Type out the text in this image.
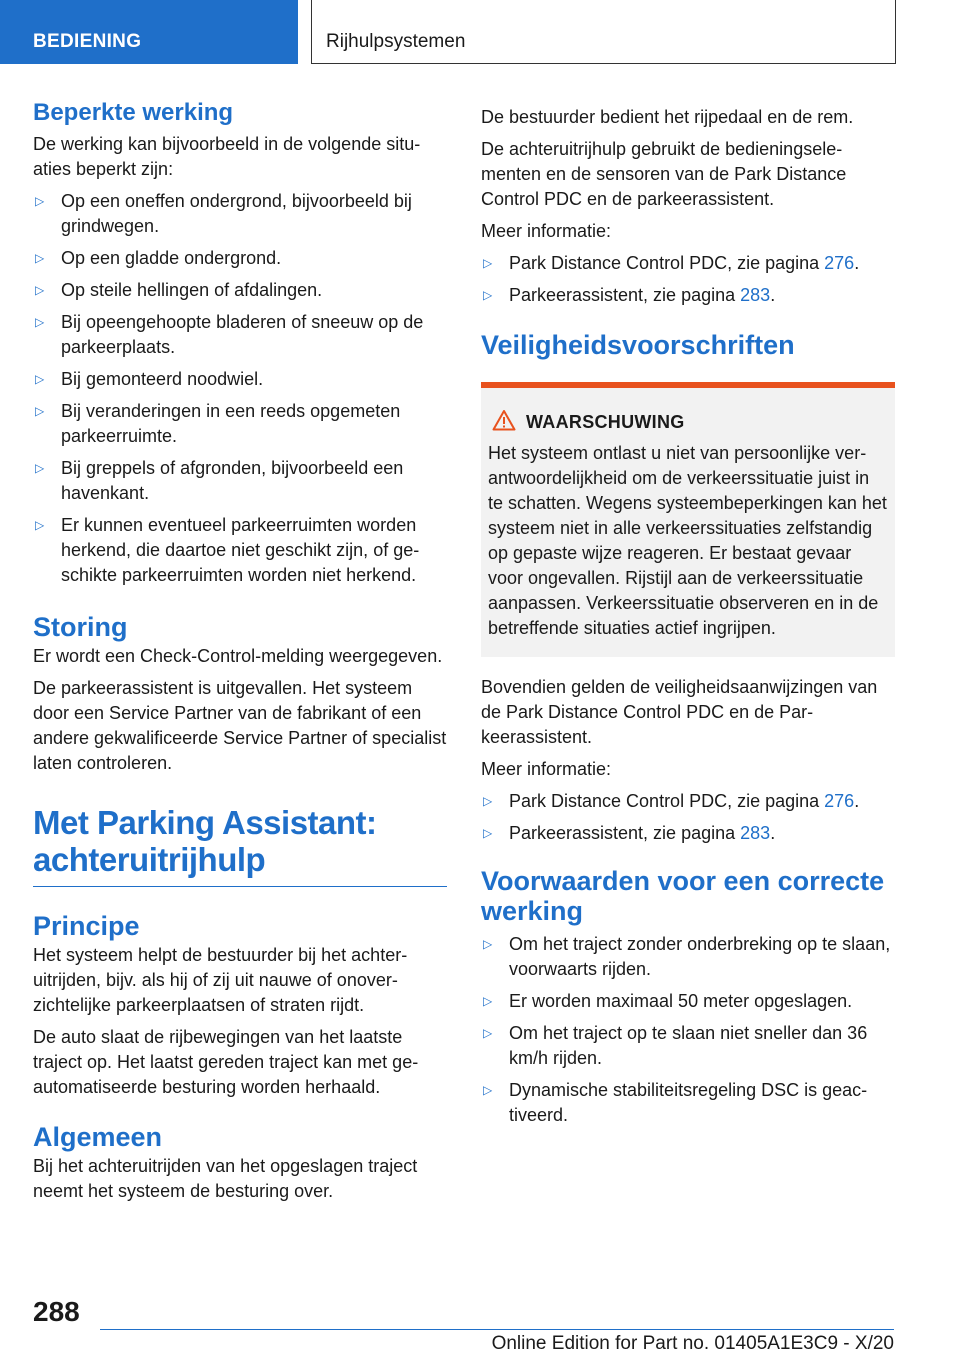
BEDIENING	Rijhulpsystemen
Beperkte werking

De werking kan bijvoorbeeld in de volgende situaties beperkt zijn:

▷ Op een oneffen ondergrond, bijvoorbeeld bij grindwegen.
▷ Op een gladde ondergrond.
▷ Op steile hellingen of afdalingen.
▷ Bij opeengehoopte bladeren of sneeuw op de parkeerplaats.
▷ Bij gemonteerd noodwiel.
▷ Bij veranderingen in een reeds opgemeten parkeerruimte.
▷ Bij greppels of afgronden, bijvoorbeeld een havenkant.
▷ Er kunnen eventueel parkeerruimten worden herkend, die daartoe niet geschikt zijn, of geschikte parkeerruimten worden niet herkend.
Storing

Er wordt een Check-Control-melding weergegeven.

De parkeerassistent is uitgevallen. Het systeem door een Service Partner van de fabrikant of een andere gekwalificeerde Service Partner of specialist laten controleren.

Met Parking Assistant: achteruitrijhulp
Principe

Het systeem helpt de bestuurder bij het achteruitrijden, bijv. als hij of zij uit nauwe of onoverzichtelijke parkeerplaatsen of straten rijdt.

De auto slaat de rijbewegingen van het laatste traject op. Het laatst gereden traject kan met geautomatiseerde besturing worden herhaald.

Algemeen

Bij het achteruitrijden van het opgeslagen traject neemt het systeem de besturing over.

De bestuurder bedient het rijpedaal en de rem.

De achteruitrijhulp gebruikt de bedieningselementen en de sensoren van de Park Distance Control PDC en de parkeerassistent.

Meer informatie:

▷ Park Distance Control PDC, zie pagina 276.
▷ Parkeerassistent, zie pagina 283.
Veiligheidsvoorschriften
WAARSCHUWING

Het systeem ontlast u niet van persoonlijke verantwoordelijkheid om de verkeerssituatie juist in te schatten. Wegens systeembeperkingen kan het systeem niet in alle verkeerssituaties zelfstandig op gepaste wijze reageren. Er bestaat gevaar voor ongevallen. Rijstijl aan de verkeerssituatie aanpassen. Verkeerssituatie observeren en in de betreffende situaties actief ingrijpen.

Bovendien gelden de veiligheidsaanwijzingen van de Park Distance Control PDC en de Parkeerassistent.

Meer informatie:

▷ Park Distance Control PDC, zie pagina 276.
▷ Parkeerassistent, zie pagina 283.
Voorwaarden voor een correcte werking
▷ Om het traject zonder onderbreking op te slaan, voorwaarts rijden.
▷ Er worden maximaal 50 meter opgeslagen.
▷ Om het traject op te slaan niet sneller dan 36 km/h rijden.
▷ Dynamische stabiliteitsregeling DSC is geactiveerd.
288
Online Edition for Part no. 01405A1E3C9 - X/20
